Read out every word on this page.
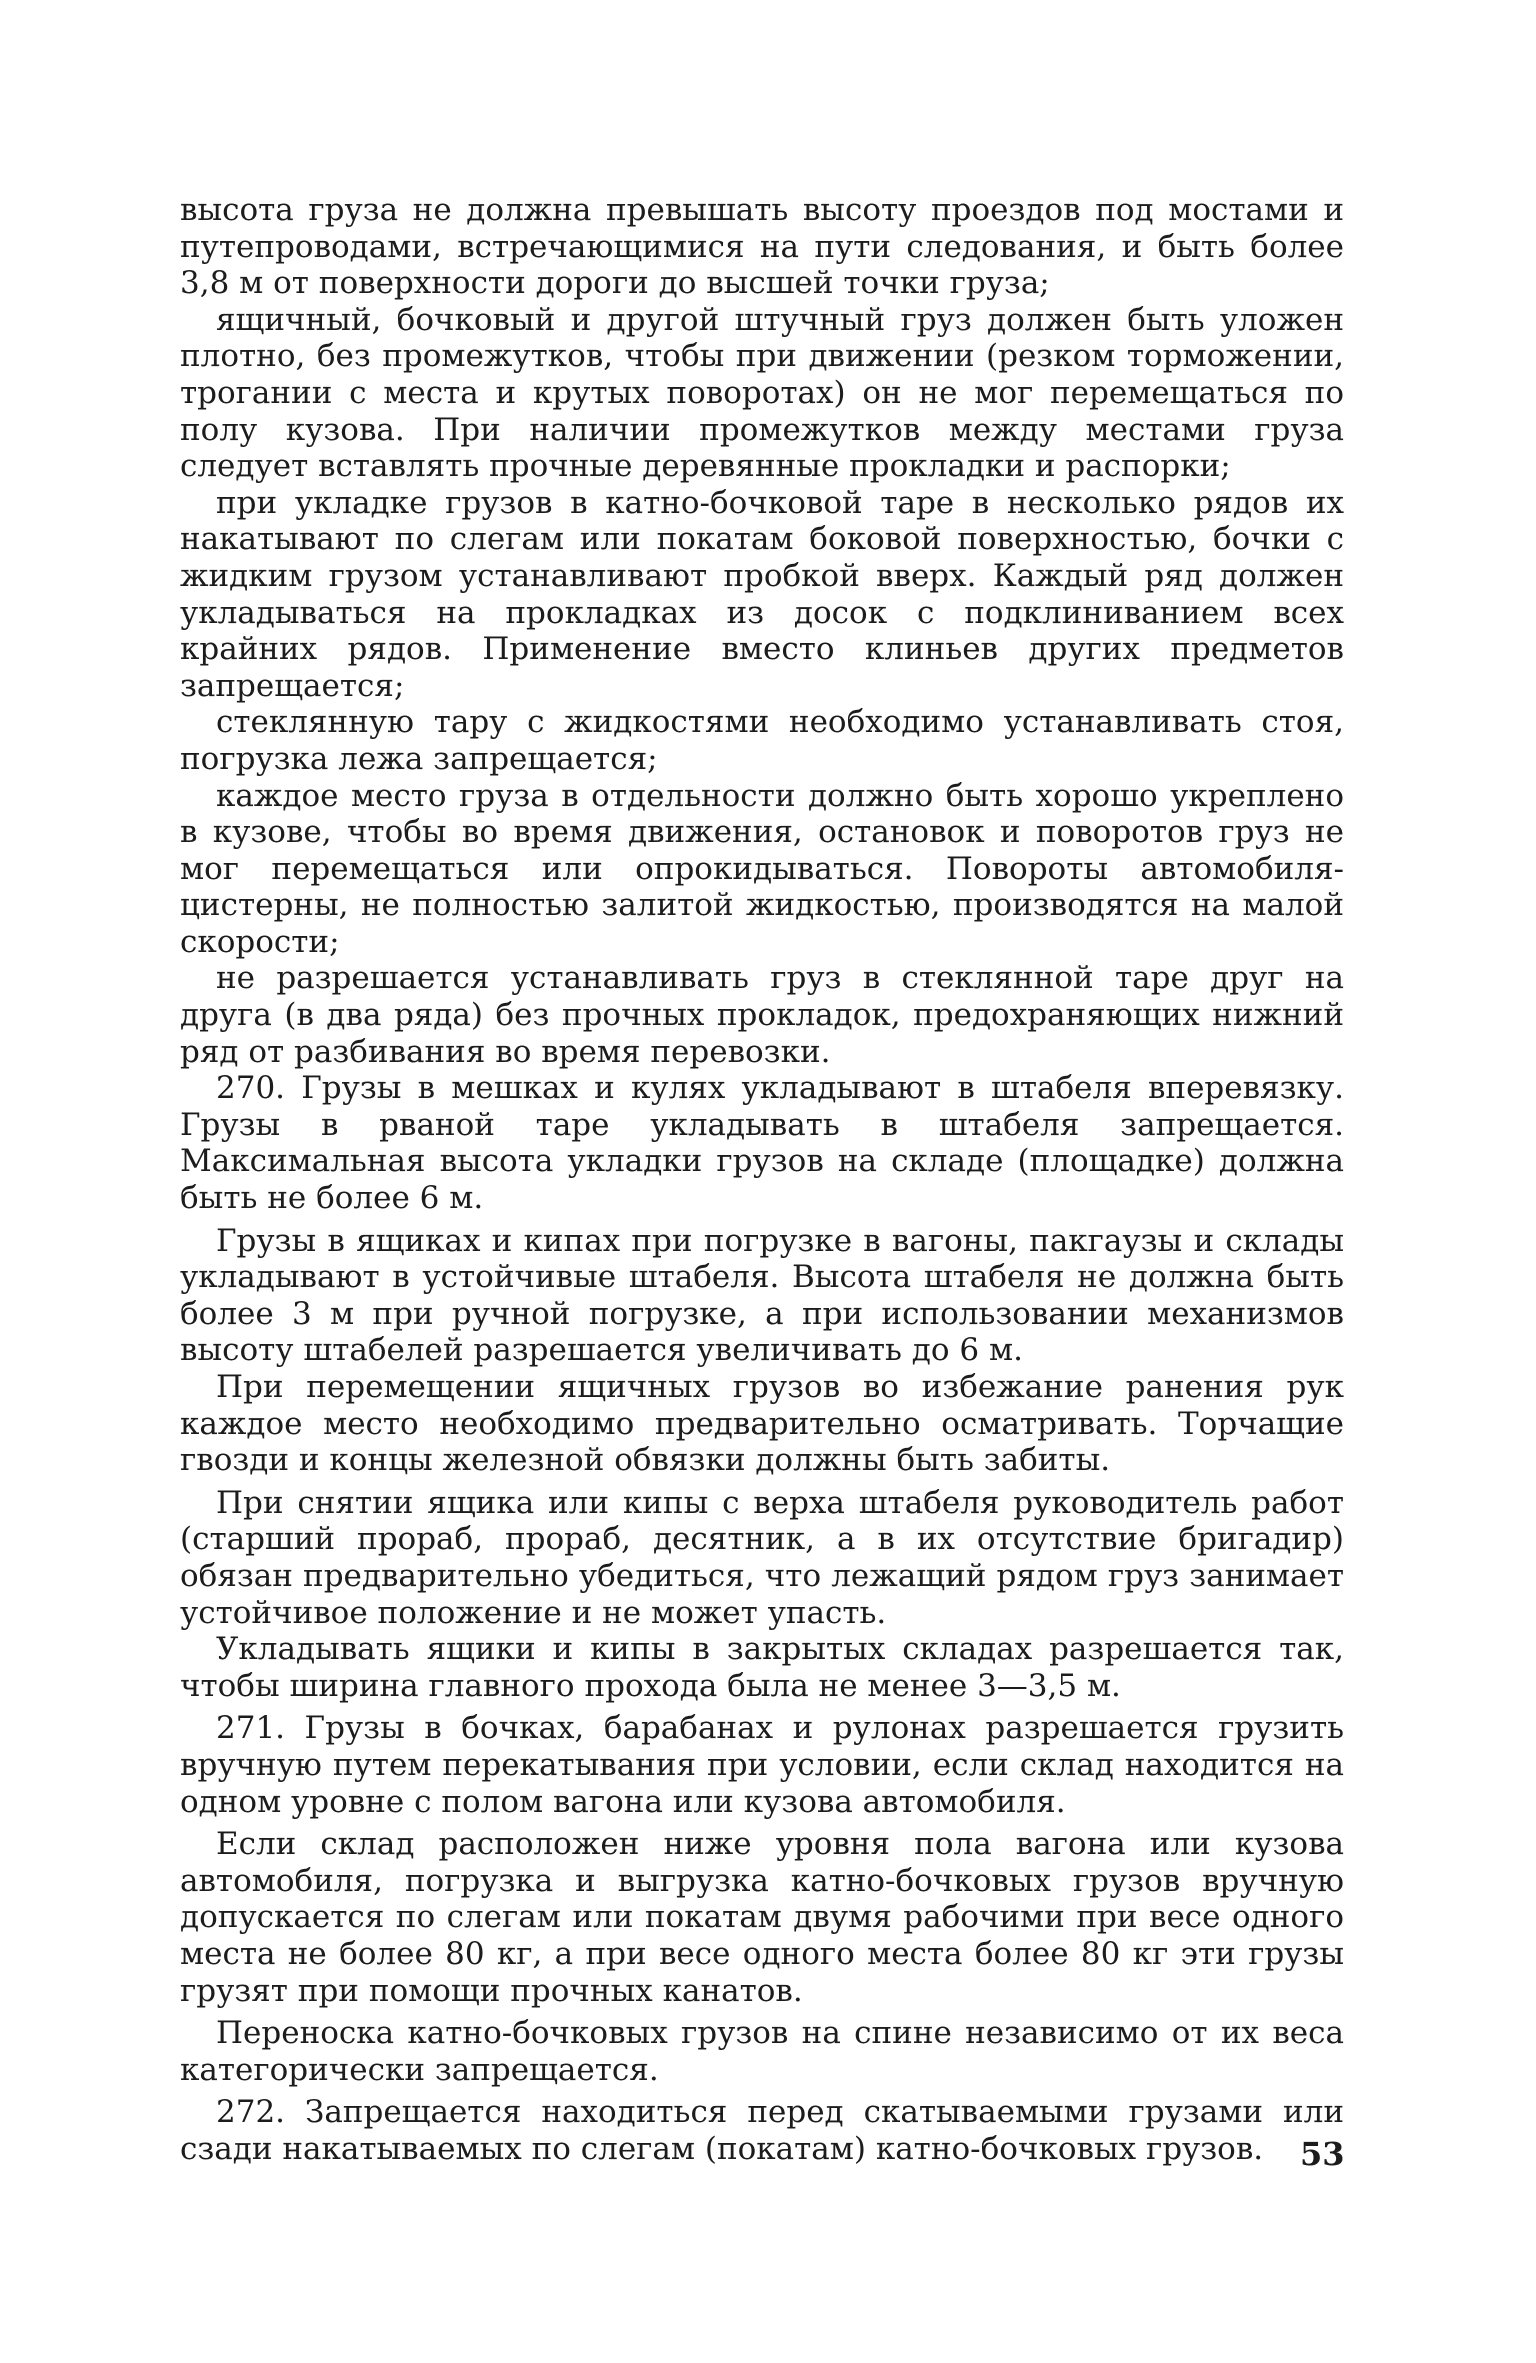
высота груза не должна превышать высоту проездов под мостами и путепроводами, встречающимися на пути следования, и быть более 3,8 м от поверхности дороги до высшей точки груза;

ящичный, бочковый и другой штучный груз должен быть уложен плотно, без промежутков, чтобы при движении (резком торможении, трогании с места и крутых поворотах) он не мог перемещаться по полу кузова. При наличии промежутков между местами груза следует вставлять прочные деревянные прокладки и распорки;

при укладке грузов в катно-бочковой таре в несколько рядов их накатывают по слегам или покатам боковой поверхностью, бочки с жидким грузом устанавливают пробкой вверх. Каждый ряд должен укладываться на прокладках из досок с подклиниванием всех крайних рядов. Применение вместо клиньев других предметов запрещается;

стеклянную тару с жидкостями необходимо устанавливать стоя, погрузка лежа запрещается;

каждое место груза в отдельности должно быть хорошо укреплено в кузове, чтобы во время движения, остановок и поворотов груз не мог перемещаться или опрокидываться. Повороты автомобиля-цистерны, не полностью залитой жидкостью, производятся на малой скорости;

не разрешается устанавливать груз в стеклянной таре друг на друга (в два ряда) без прочных прокладок, предохраняющих нижний ряд от разбивания во время перевозки.

270. Грузы в мешках и кулях укладывают в штабеля вперевязку. Грузы в рваной таре укладывать в штабеля запрещается. Максимальная высота укладки грузов на складе (площадке) должна быть не более 6 м.

Грузы в ящиках и кипах при погрузке в вагоны, пакгаузы и склады укладывают в устойчивые штабеля. Высота штабеля не должна быть более 3 м при ручной погрузке, а при использовании механизмов высоту штабелей разрешается увеличивать до 6 м.

При перемещении ящичных грузов во избежание ранения рук каждое место необходимо предварительно осматривать. Торчащие гвозди и концы железной обвязки должны быть забиты.

При снятии ящика или кипы с верха штабеля руководитель работ (старший прораб, прораб, десятник, а в их отсутствие бригадир) обязан предварительно убедиться, что лежащий рядом груз занимает устойчивое положение и не может упасть.

Укладывать ящики и кипы в закрытых складах разрешается так, чтобы ширина главного прохода была не менее 3—3,5 м.

271. Грузы в бочках, барабанах и рулонах разрешается грузить вручную путем перекатывания при условии, если склад находится на одном уровне с полом вагона или кузова автомобиля.

Если склад расположен ниже уровня пола вагона или кузова автомобиля, погрузка и выгрузка катно-бочковых грузов вручную допускается по слегам или покатам двумя рабочими при весе одного места не более 80 кг, а при весе одного места более 80 кг эти грузы грузят при помощи прочных канатов.

Переноска катно-бочковых грузов на спине независимо от их веса категорически запрещается.

272. Запрещается находиться перед скатываемыми грузами или сзади накатываемых по слегам (покатам) катно-бочковых грузов.	53
